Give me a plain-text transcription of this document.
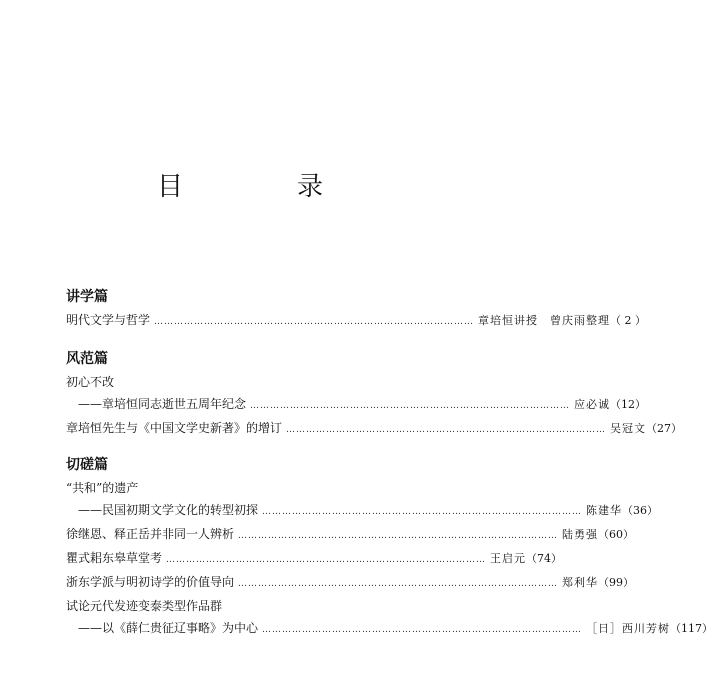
目　录
讲学篇
明代文学与哲学 …………………………………………………………………………………… 章培恒讲授　曾庆雨整理 （ 2 ）
风范篇
初心不改
——章培恒同志逝世五周年纪念 …………………………………………………………………………………… 应必诚 （12）
章培恒先生与《中国文学史新著》的增订 …………………………………………………………………………………… 吴冠文 （27）
切磋篇
“共和”的遗产
——民国初期文学文化的转型初探 …………………………………………………………………………………… 陈建华 （36）
徐继恩、释正岳并非同一人辨析 …………………………………………………………………………………… 陆勇强 （60）
瞿式耜东皋草堂考 …………………………………………………………………………………… 王启元 （74）
浙东学派与明初诗学的价值导向 …………………………………………………………………………………… 郑利华 （99）
试论元代发迹变泰类型作品群
——以《薛仁贵征辽事略》为中心 …………………………………………………………………………………… ［日］西川芳树 （117）
